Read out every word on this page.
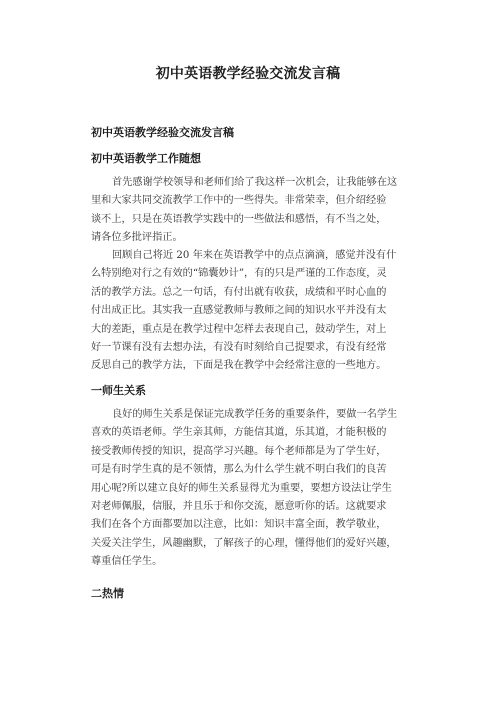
初中英语教学经验交流发言稿
初中英语教学经验交流发言稿
初中英语教学工作随想
首先感谢学校领导和老师们给了我这样一次机会，让我能够在这
里和大家共同交流教学工作中的一些得失。非常荣幸，但介绍经验
谈不上，只是在英语教学实践中的一些做法和感悟，有不当之处，
请各位多批评指正。
回顾自己将近 20 年来在英语教学中的点点滴滴，感觉并没有什
么特别绝对行之有效的“锦囊妙计”，有的只是严谨的工作态度，灵
活的教学方法。总之一句话，有付出就有收获，成绩和平时心血的
付出成正比。其实我一直感觉教师与教师之间的知识水平并没有太
大的差距，重点是在教学过程中怎样去表现自己，鼓动学生，对上
好一节课有没有去想办法，有没有时刻给自己提要求，有没有经常
反思自己的教学方法，下面是我在教学中会经常注意的一些地方。
一师生关系
良好的师生关系是保证完成教学任务的重要条件，要做一名学生
喜欢的英语老师。学生亲其师，方能信其道，乐其道，才能积极的
接受教师传授的知识，提高学习兴趣。每个老师都是为了学生好，
可是有时学生真的是不领情，那么为什么学生就不明白我们的良苦
用心呢?所以建立良好的师生关系显得尤为重要，要想方设法让学生
对老师佩服，信服，并且乐于和你交流，愿意听你的话。这就要求
我们在各个方面都要加以注意，比如：知识丰富全面，教学敬业，
关爱关注学生，风趣幽默，了解孩子的心理，懂得他们的爱好兴趣，
尊重信任学生。
二热情
